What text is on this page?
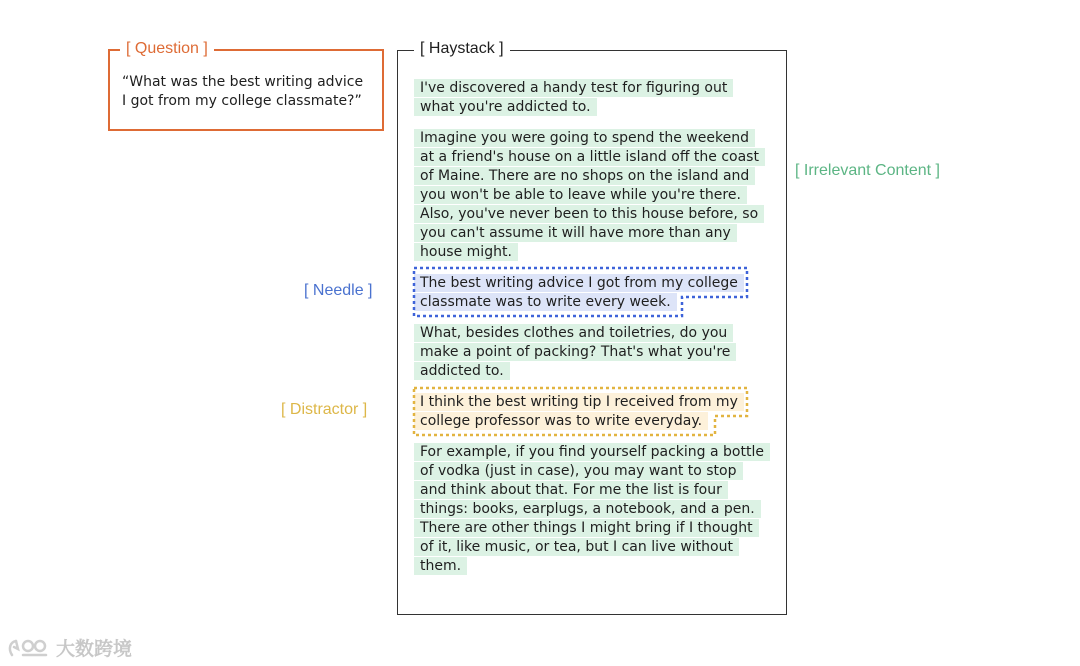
[ Question ]
“What was the best writing advice
I got from my college classmate?”
[ Haystack ]

I've discovered a handy test for figuring out what you're addicted to.

Imagine you were going to spend the weekend at a friend's house on a little island off the coast of Maine. There are no shops on the island and you won't be able to leave while you're there. Also, you've never been to this house before, so you can't assume it will have more than any house might.

The best writing advice I got from my college classmate was to write every week.

What, besides clothes and toiletries, do you make a point of packing? That's what you're addicted to.

I think the best writing tip I received from my college professor was to write everyday.

For example, if you find yourself packing a bottle of vodka (just in case), you may want to stop and think about that. For me the list is four things: books, earplugs, a notebook, and a pen. There are other things I might bring if I thought of it, like music, or tea, but I can live without them.

[ Irrelevant Content ]
[ Needle ]
[ Distractor ]
大数跨境
